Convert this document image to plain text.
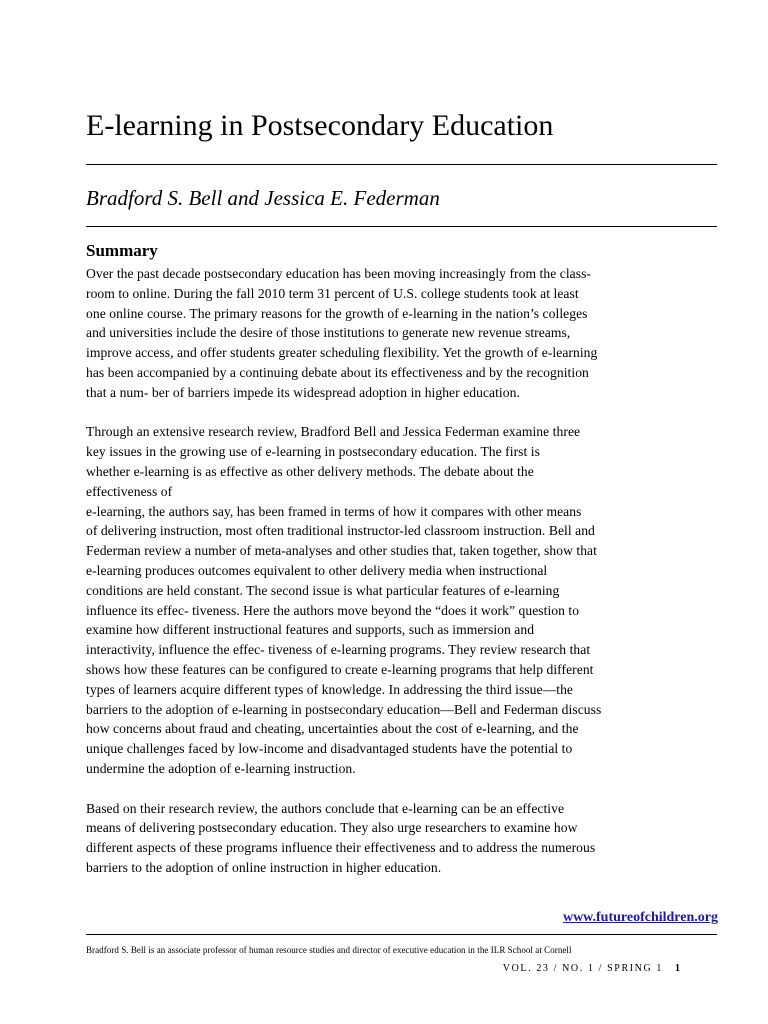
E-learning in Postsecondary Education

Bradford S. Bell and Jessica E. Federman

Summary

Over the past decade postsecondary education has been moving increasingly from the class-
room to online. During the fall 2010 term 31 percent of U.S. college students took at least
one online course. The primary reasons for the growth of e-learning in the nation’s colleges
and universities include the desire of those institutions to generate new revenue streams,
improve access, and offer students greater scheduling flexibility. Yet the growth of e-learning
has been accompanied by a continuing debate about its effectiveness and by the recognition
that a num- ber of barriers impede its widespread adoption in higher education.

Through an extensive research review, Bradford Bell and Jessica Federman examine three
key issues in the growing use of e-learning in postsecondary education. The first is
whether e-learning is as effective as other delivery methods. The debate about the
effectiveness of
e-learning, the authors say, has been framed in terms of how it compares with other means
of delivering instruction, most often traditional instructor-led classroom instruction. Bell and
Federman review a number of meta-analyses and other studies that, taken together, show that
e-learning produces outcomes equivalent to other delivery media when instructional
conditions are held constant. The second issue is what particular features of e-learning
influence its effec- tiveness. Here the authors move beyond the “does it work” question to
examine how different instructional features and supports, such as immersion and
interactivity, influence the effec- tiveness of e-learning programs. They review research that
shows how these features can be configured to create e-learning programs that help different
types of learners acquire different types of knowledge. In addressing the third issue—the
barriers to the adoption of e-learning in postsecondary education—Bell and Federman discuss
how concerns about fraud and cheating, uncertainties about the cost of e-learning, and the
unique challenges faced by low-income and disadvantaged students have the potential to
undermine the adoption of e-learning instruction.

Based on their research review, the authors conclude that e-learning can be an effective
means of delivering postsecondary education. They also urge researchers to examine how
different aspects of these programs influence their effectiveness and to address the numerous
barriers to the adoption of online instruction in higher education.

www.futureofchildren.org
Bradford S. Bell is an associate professor of human resource studies and director of executive education in the ILR School at Cornell
VOL. 23 / NO. 1 / SPRING 1 1
